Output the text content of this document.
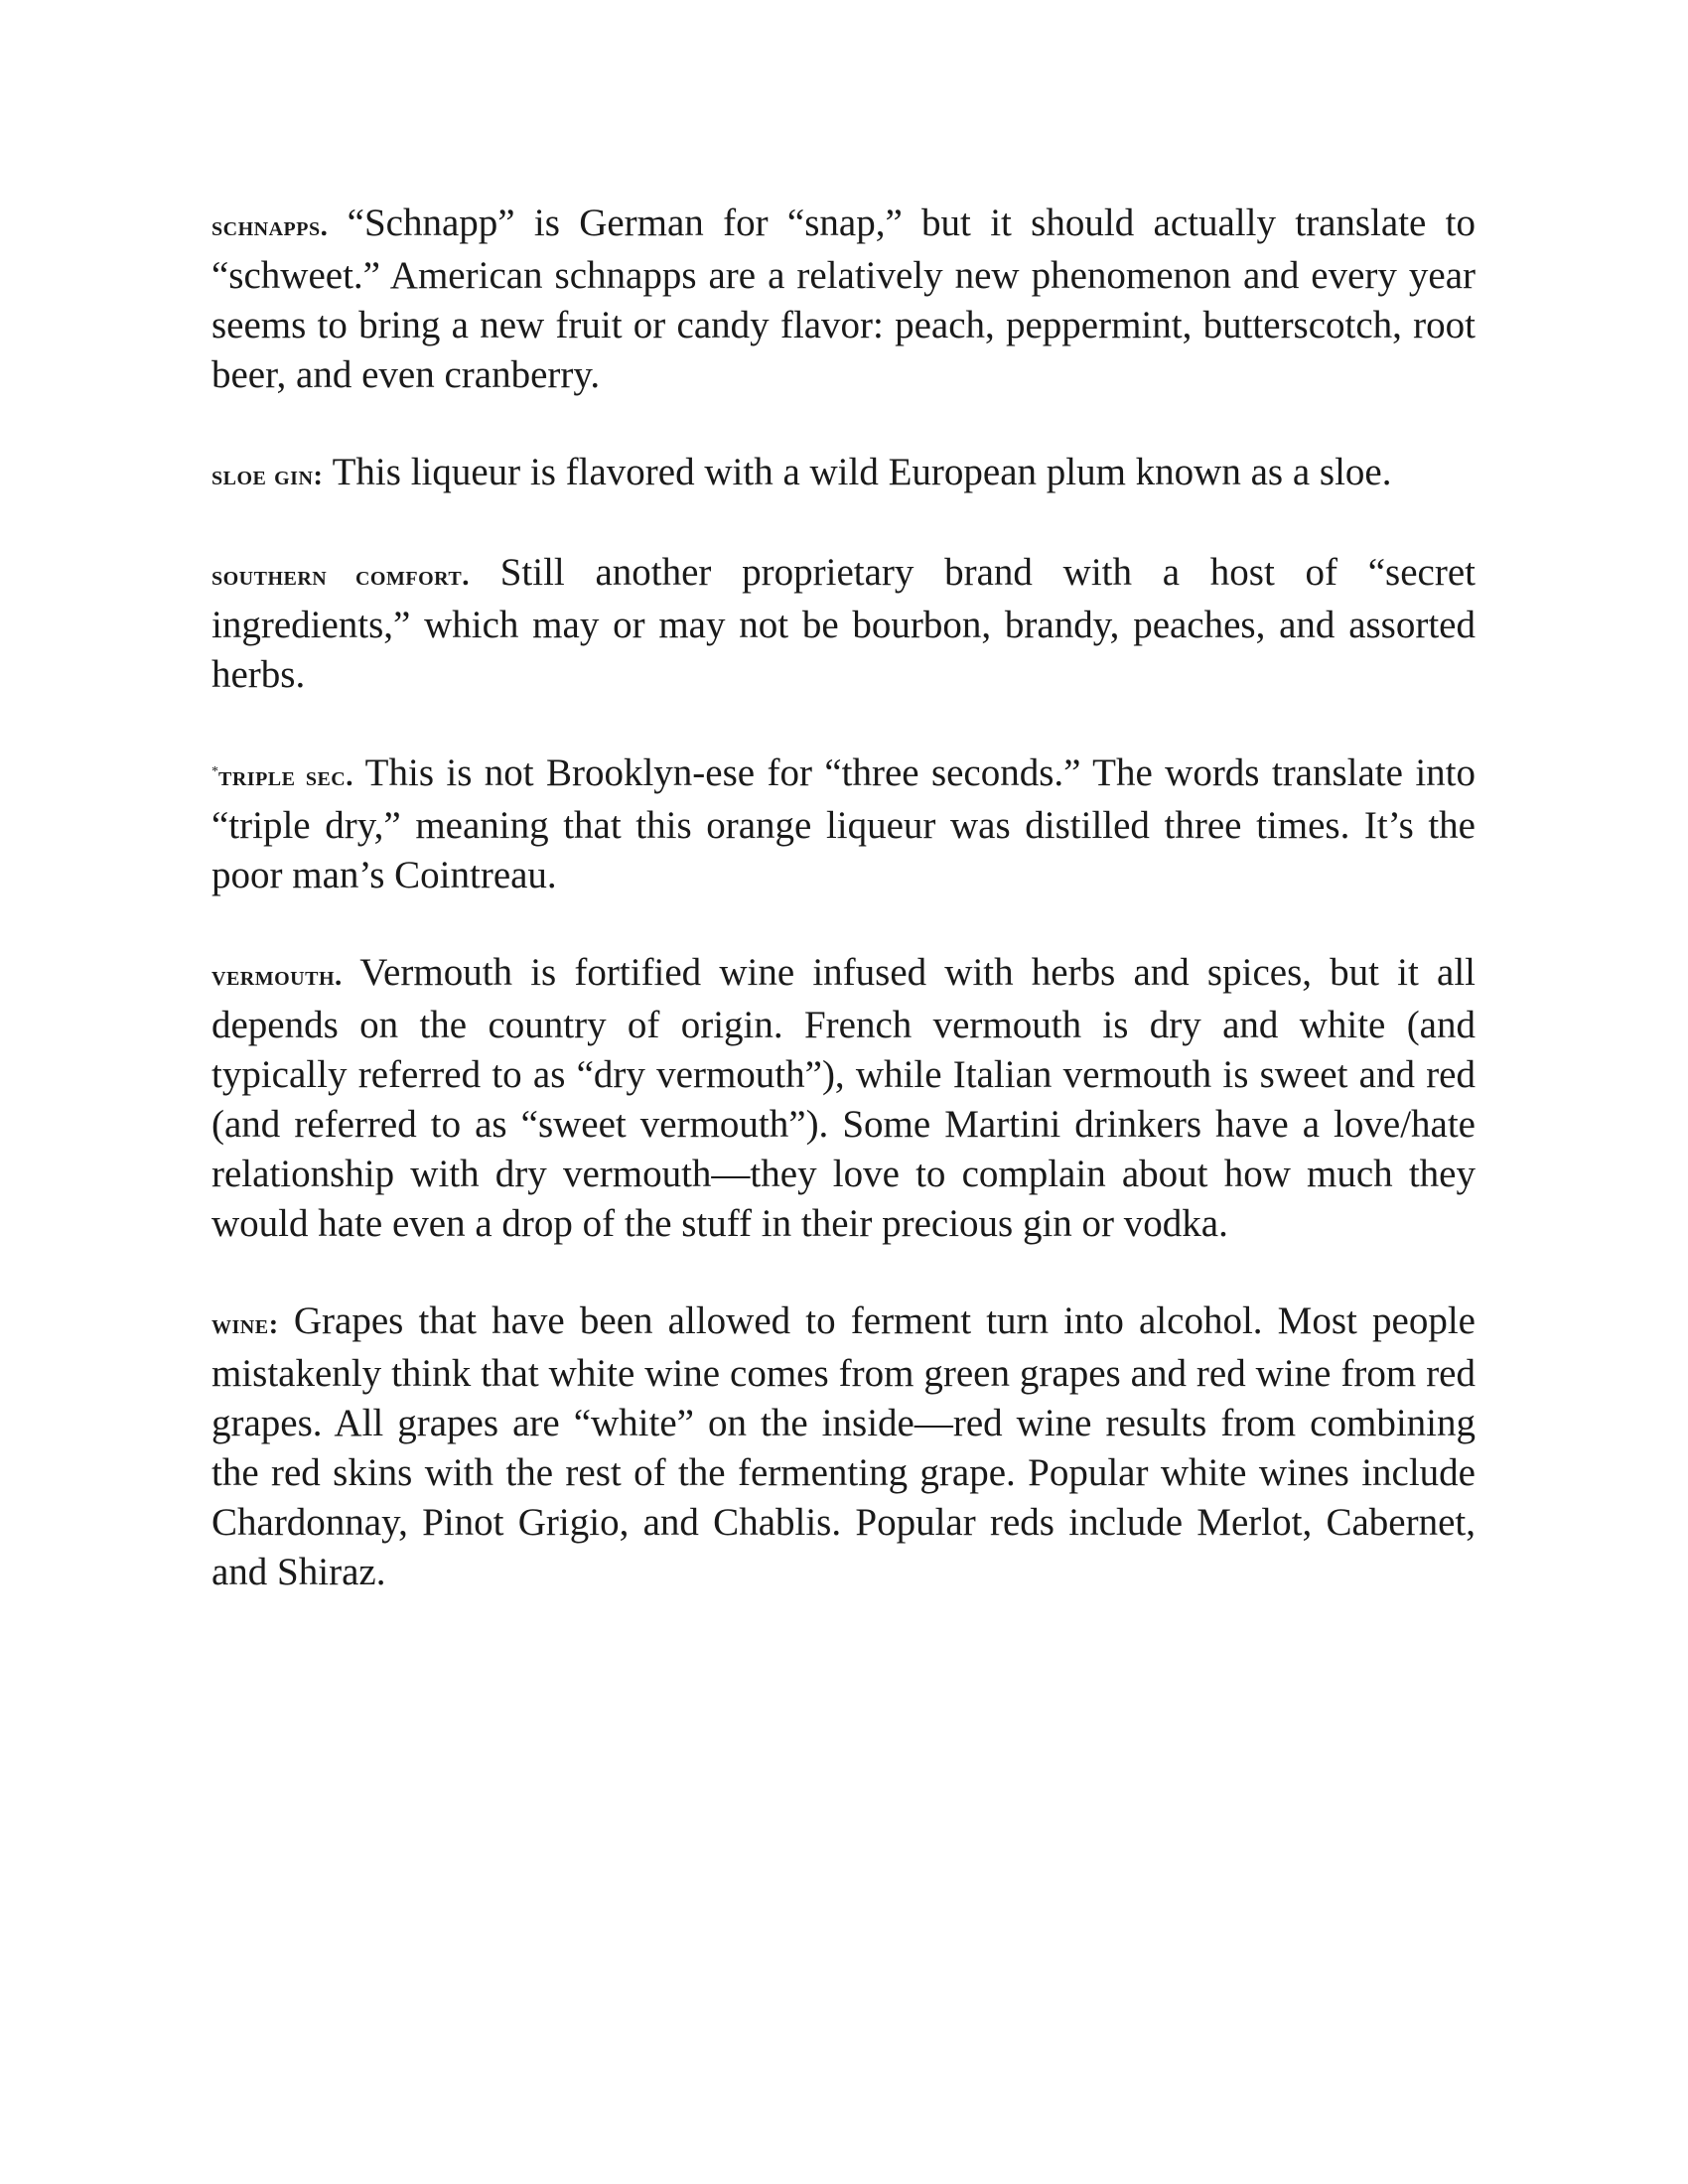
schnapps. “Schnapp” is German for “snap,” but it should actually translate to “schweet.” American schnapps are a relatively new phenomenon and every year seems to bring a new fruit or candy flavor: peach, peppermint, butterscotch, root beer, and even cranberry.

sloe gin: This liqueur is flavored with a wild European plum known as a sloe.

southern comfort. Still another proprietary brand with a host of “secret ingredients,” which may or may not be bourbon, brandy, peaches, and assorted herbs.

*triple sec. This is not Brooklyn-ese for “three seconds.” The words translate into “triple dry,” meaning that this orange liqueur was distilled three times. It’s the poor man’s Cointreau.

vermouth. Vermouth is fortified wine infused with herbs and spices, but it all depends on the country of origin. French vermouth is dry and white (and typically referred to as “dry vermouth”), while Italian vermouth is sweet and red (and referred to as “sweet vermouth”). Some Martini drinkers have a love/hate relationship with dry vermouth—they love to complain about how much they would hate even a drop of the stuff in their precious gin or vodka.

wine: Grapes that have been allowed to ferment turn into alcohol. Most people mistakenly think that white wine comes from green grapes and red wine from red grapes. All grapes are “white” on the inside—red wine results from combining the red skins with the rest of the fermenting grape. Popular white wines include Chardonnay, Pinot Grigio, and Chablis. Popular reds include Merlot, Cabernet, and Shiraz.
